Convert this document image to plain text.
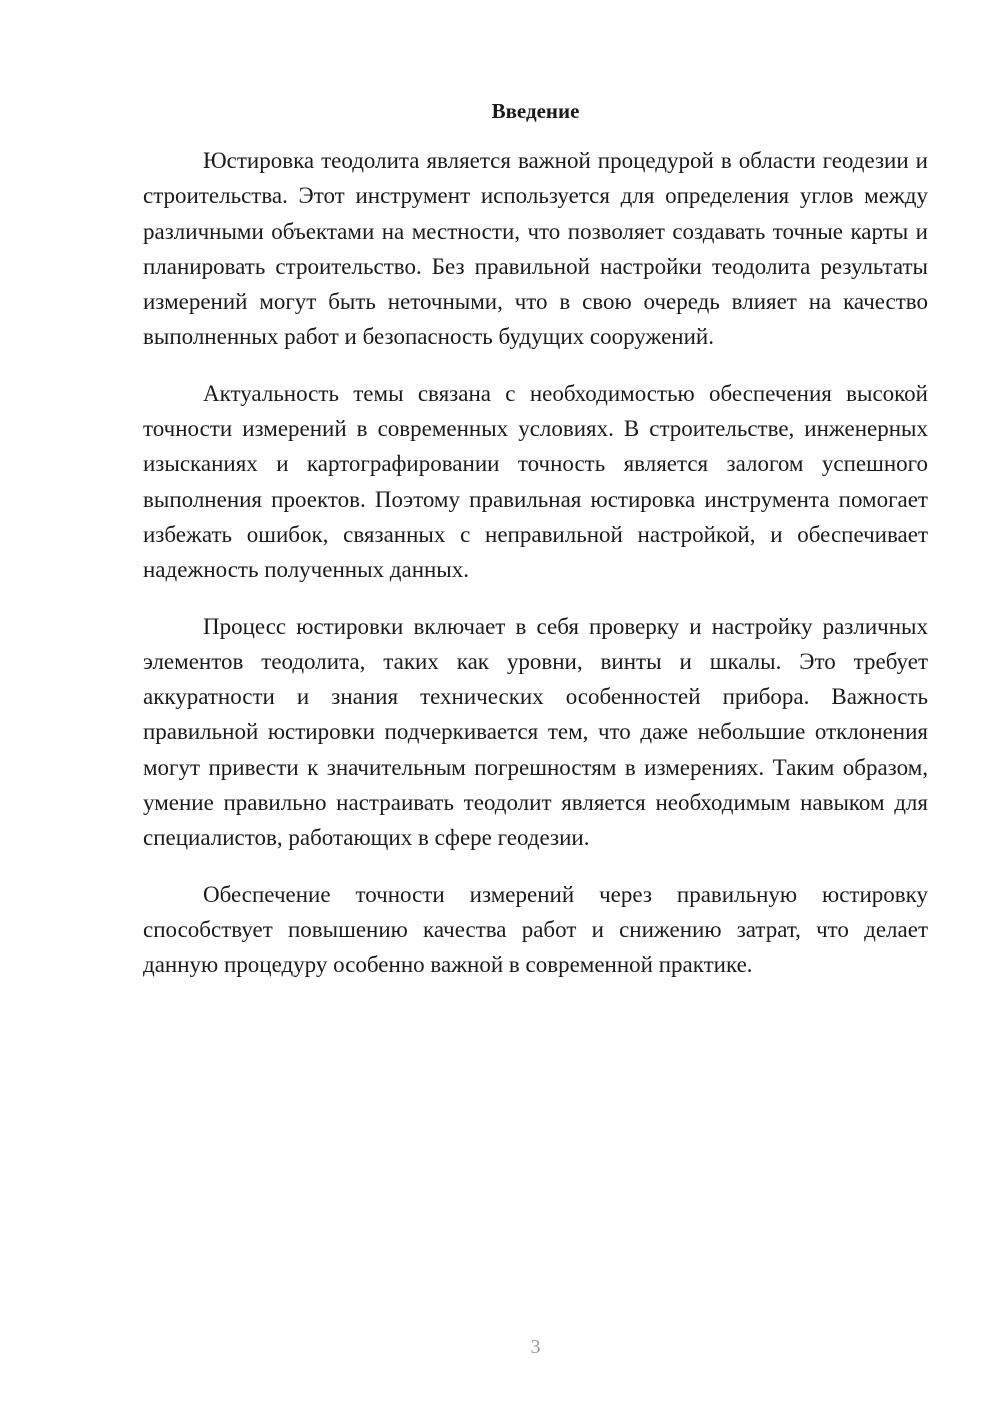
Введение

Юстировка теодолита является важной процедурой в области геодезии и строительства. Этот инструмент используется для определения углов между различными объектами на местности, что позволяет создавать точные карты и планировать строительство. Без правильной настройки теодолита результаты измерений могут быть неточными, что в свою очередь влияет на качество выполненных работ и безопасность будущих сооружений.

Актуальность темы связана с необходимостью обеспечения высокой точности измерений в современных условиях. В строительстве, инженерных изысканиях и картографировании точность является залогом успешного выполнения проектов. Поэтому правильная юстировка инструмента помогает избежать ошибок, связанных с неправильной настройкой, и обеспечивает надежность полученных данных.

Процесс юстировки включает в себя проверку и настройку различных элементов теодолита, таких как уровни, винты и шкалы. Это требует аккуратности и знания технических особенностей прибора. Важность правильной юстировки подчеркивается тем, что даже небольшие отклонения могут привести к значительным погрешностям в измерениях. Таким образом, умение правильно настраивать теодолит является необходимым навыком для специалистов, работающих в сфере геодезии.

Обеспечение точности измерений через правильную юстировку способствует повышению качества работ и снижению затрат, что делает данную процедуру особенно важной в современной практике.

3
